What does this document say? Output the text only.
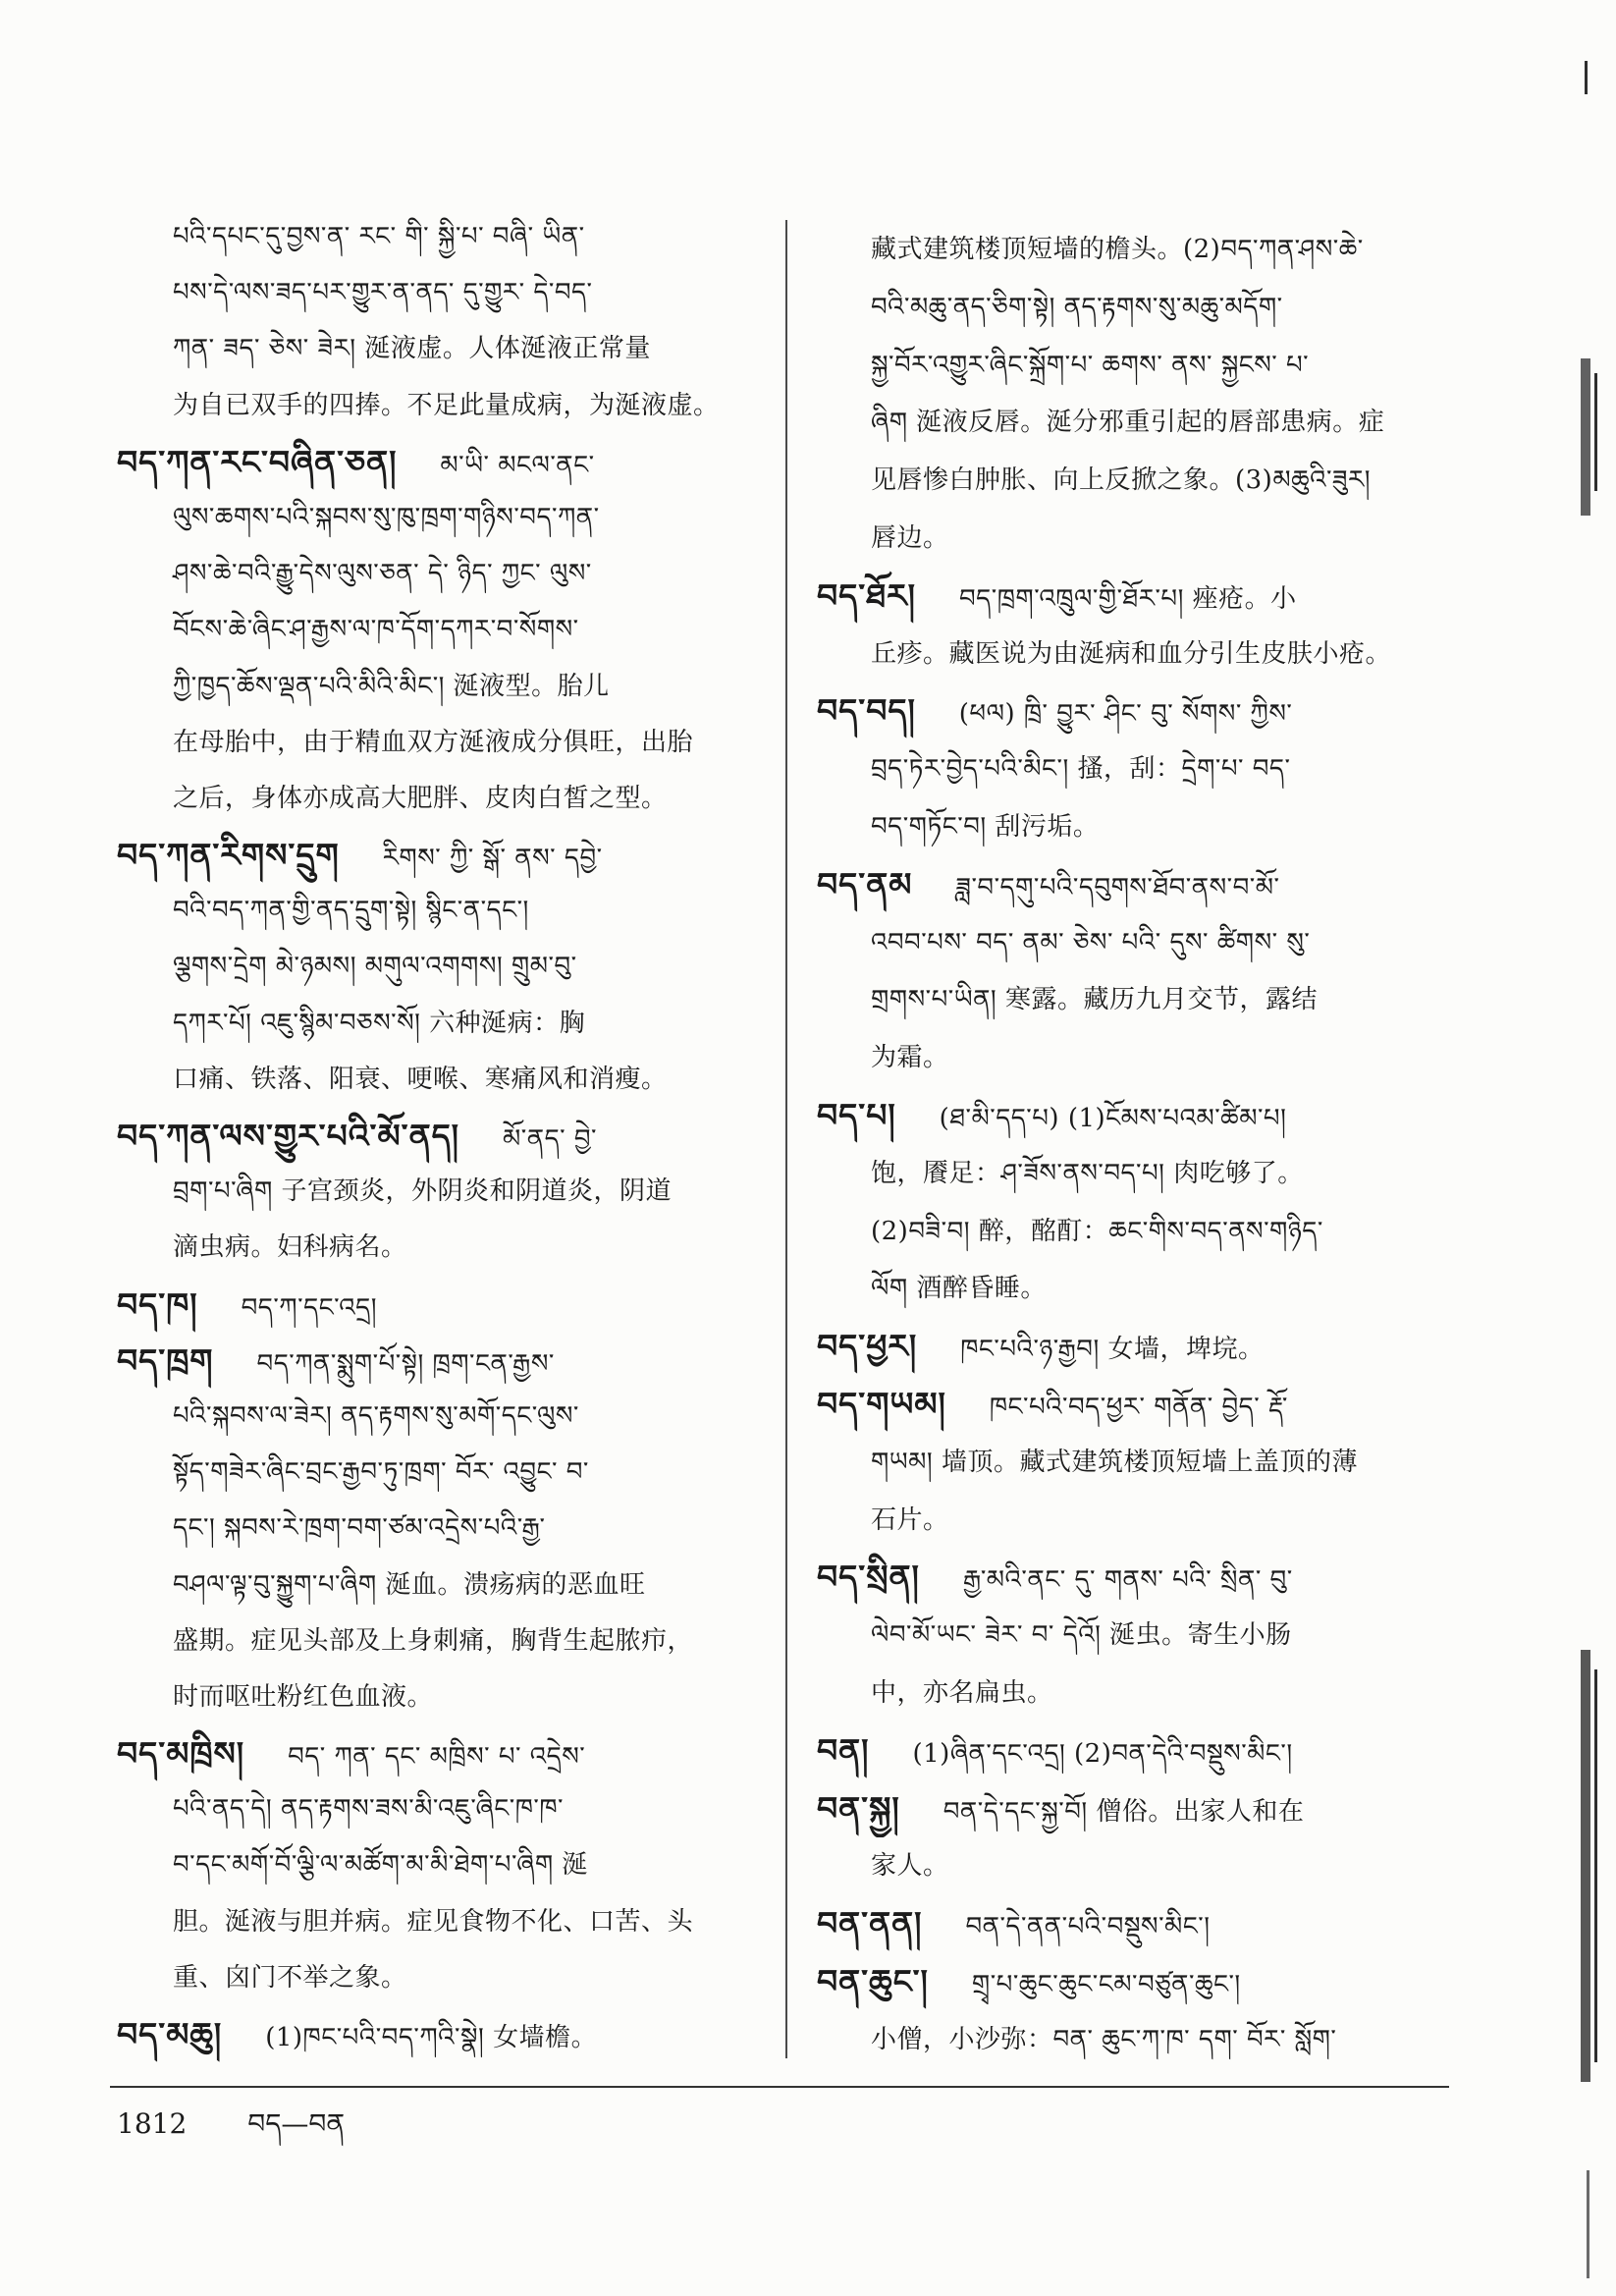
པའི་དཔང་དུ་བྱས་ན་ རང་ གི་ སྐྱི་པ་ བཞི་ ཡིན་
པས་དེ་ལས་ཟད་པར་གྱུར་ན་ནད་ དུ་གྱུར་ དེ་བད་
ཀན་ ཟད་ ཅེས་ ཟེར། 涎液虚。人体涎液正常量
为自已双手的四捧。不足此量成病，为涎液虚。
བད་ཀན་རང་བཞིན་ཅན། མ་ཡི་ མངལ་ནང་
ལུས་ཆགས་པའི་སྐབས་སུ་ཁུ་ཁྲག་གཉིས་བད་ཀན་
ཤས་ཆེ་བའི་རྒྱུ་དེས་ལུས་ཅན་ དེ་ ཉིད་ ཀྱང་ ལུས་
བོངས་ཆེ་ཞིང་ཤ་རྒྱས་ལ་ཁ་དོག་དཀར་བ་སོགས་
ཀྱི་ཁྱད་ཆོས་ལྡན་པའི་མིའི་མིང་། 涎液型。胎儿
在母胎中，由于精血双方涎液成分俱旺，出胎
之后，身体亦成高大肥胖、皮肉白皙之型。
བད་ཀན་རིགས་དྲུག རིགས་ ཀྱི་ སྒོ་ ནས་ དབྱེ་
བའི་བད་ཀན་གྱི་ནད་དྲུག་སྟེ། སྙིང་ན་དང་།
ལྕགས་དྲེག མེ་ཉམས། མགུལ་འགགས། གྲུམ་བུ་
དཀར་པོ། འཇུ་སྙིམ་བཅས་སོ། 六种涎病：胸
口痛、铁落、阳衰、哽喉、寒痛风和消瘦。
བད་ཀན་ལས་གྱུར་པའི་མོ་ནད། མོ་ནད་ བྱེ་
བྲག་པ་ཞིག 子宫颈炎，外阴炎和阴道炎，阴道
滴虫病。妇科病名。
བད་ཁ། བད་ཀ་དང་འདྲ།
བད་ཁྲག བད་ཀན་སྨུག་པོ་སྟེ། ཁྲག་ངན་རྒྱས་
པའི་སྐབས་ལ་ཟེར། ནད་རྟགས་སུ་མགོ་དང་ལུས་
སྟོད་གཟེར་ཞིང་བྲང་རྒྱབ་ཏུ་ཁྲག་ བོར་ འབྱུང་ བ་
དང་། སྐབས་རེ་ཁྲག་བག་ཙམ་འདྲེས་པའི་རྒྱ་
བཤལ་ལྟ་བུ་སྐྱུག་པ་ཞིག 涎血。溃疡病的恶血旺
盛期。症见头部及上身刺痛，胸背生起脓疖，
时而呕吐粉红色血液。
བད་མཁྲིས། བད་ ཀན་ དང་ མཁྲིས་ པ་ འདྲེས་
པའི་ནད་དེ། ནད་རྟགས་ཟས་མི་འཇུ་ཞིང་ཁ་ཁ་
བ་དང་མགོ་བོ་ལྕི་ལ་མཚོག་མ་མི་ཐེག་པ་ཞིག 涎
胆。涎液与胆并病。症见食物不化、口苦、头
重、囟门不举之象。
བད་མཆུ། (1)ཁང་པའི་བད་ཀའི་སྣེ། 女墙檐。
藏式建筑楼顶短墙的檐头。(2)བད་ཀན་ཤས་ཆེ་
བའི་མཆུ་ནད་ཅིག་སྟེ། ནད་རྟགས་སུ་མཆུ་མདོག་
སྐྱ་བོར་འགྱུར་ཞིང་སྐྲོག་པ་ ཆགས་ ནས་ སྐྱངས་ པ་
ཞིག 涎液反唇。涎分邪重引起的唇部患病。症
见唇惨白肿胀、向上反掀之象。(3)མཆུའི་ཟུར།
唇边。
བད་ཐོར། བད་ཁྲག་འཁྲུལ་གྱི་ཐོར་པ། 痤疮。小
丘疹。藏医说为由涎病和血分引生皮肤小疮。
བད་བད། (ཕལ) ཁྲི་ བྱུར་ ཤིང་ བུ་ སོགས་ ཀྱིས་
བྲད་ཏེར་བྱེད་པའི་མིང་། 搔，刮：དྲེག་པ་ བད་
བད་གཏོང་བ། 刮污垢。
བད་ནམ ཟླ་བ་དགུ་པའི་དབུགས་ཐོབ་ནས་བ་མོ་
འབབ་པས་ བད་ ནམ་ ཅེས་ པའི་ དུས་ ཚིགས་ སུ་
གྲགས་པ་ཡིན། 寒露。藏历九月交节，露结
为霜。
བད་པ། (ཐ་མི་དད་པ) (1)ངོམས་པའམ་ཚིམ་པ།
饱，餍足：ཤ་ཟོས་ནས་བད་པ། 肉吃够了。
(2)བཟི་བ། 醉，酩酊：ཆང་གིས་བད་ནས་གཉིད་
ལོག 酒醉昏睡。
བད་ཕྱར། ཁང་པའི་ཉ་རྒྱབ། 女墙，埤垸。
བད་གཡམ། ཁང་པའི་བད་ཕྱར་ གནོན་ བྱེད་ རྡོ་
གཡམ། 墙顶。藏式建筑楼顶短墙上盖顶的薄
石片。
བད་སྲིན། རྒྱ་མའི་ནང་ དུ་ གནས་ པའི་ སྲིན་ བུ་
ལེབ་མོ་ཡང་ ཟེར་ བ་ དེའོ། 涎虫。寄生小肠
中，亦名扁虫。
བན། (1)ཞིན་དང་འདྲ། (2)བན་དེའི་བསྡུས་མིང་།
བན་སྐྱ། བན་དེ་དང་སྐྱ་བོ། 僧俗。出家人和在
家人。
བན་ནན། བན་དེ་ནན་པའི་བསྡུས་མིང་།
བན་ཆུང་། གྲྭ་པ་ཆུང་ཆུང་ངམ་བཙུན་ཆུང་།
小僧，小沙弥：བན་ ཆུང་ཀ་ཁ་ དག་ བོར་ སློག་
1812 བད—བན
